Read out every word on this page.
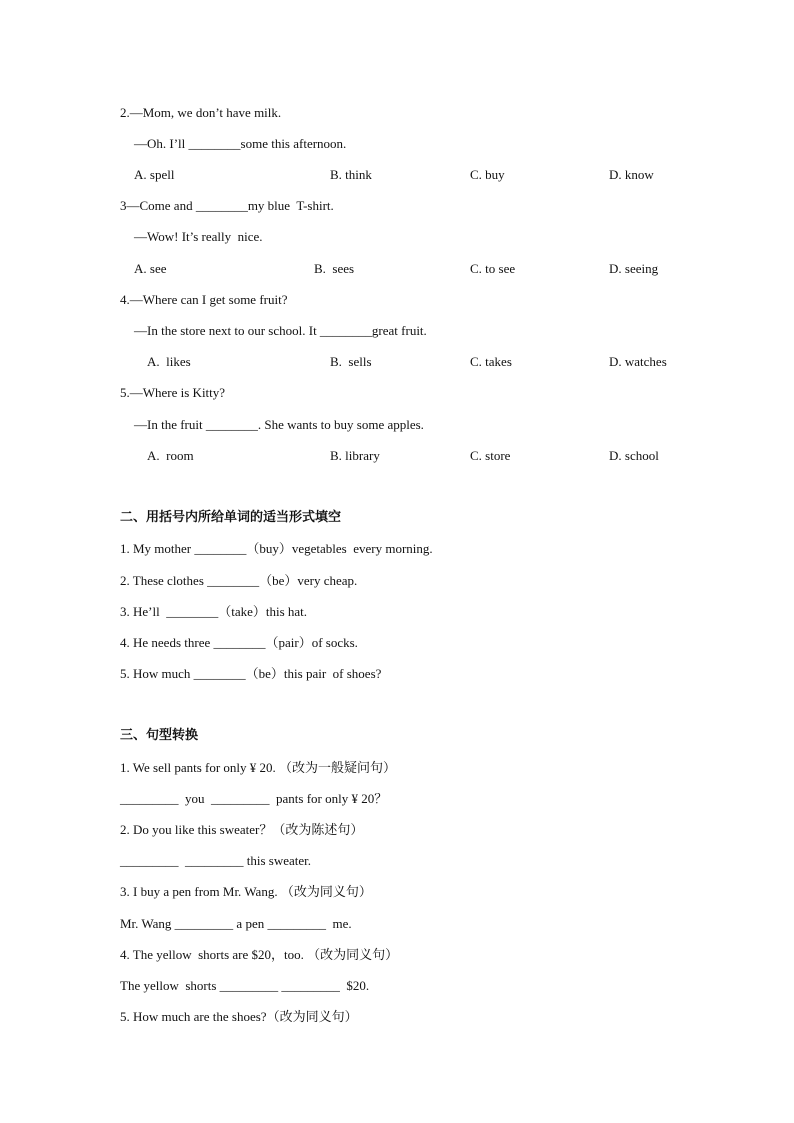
2.—Mom, we don’t have milk.
—Oh. I’ll ________some this afternoon.

A. spell

	B. think

	C. buy

	D. know

3—Come and ________my blue  T-shirt.
—Wow! It’s really  nice.

A. see

	B.  sees

	C. to see

	D. seeing

4.—Where can I get some fruit?
—In the store next to our school. It ________great fruit.

A.  likes

	B.  sells

	C. takes

	D. watches

5.—Where is Kitty?
—In the fruit ________. She wants to buy some apples.

A.  room

	B. library

	C. store

	D. school

二、用括号内所给单词的适当形式填空
1. My mother ________（buy）vegetables  every morning.
2. These clothes ________（be）very cheap.
3. He’ll  ________（take）this hat.
4. He needs three ________（pair）of socks.
5. How much ________（be）this pair  of shoes?
三、句型转换
1. We sell pants for only ¥ 20. （改为一般疑问句）
_________  you  _________  pants for only ¥ 20？
2. Do you like this sweater？（改为陈述句）
_________  _________ this sweater.
3. I buy a pen from Mr. Wang. （改为同义句）
Mr. Wang _________ a pen _________  me.
4. The yellow  shorts are $20，too. （改为同义句）
The yellow  shorts _________ _________  $20.
5. How much are the shoes?（改为同义句）
